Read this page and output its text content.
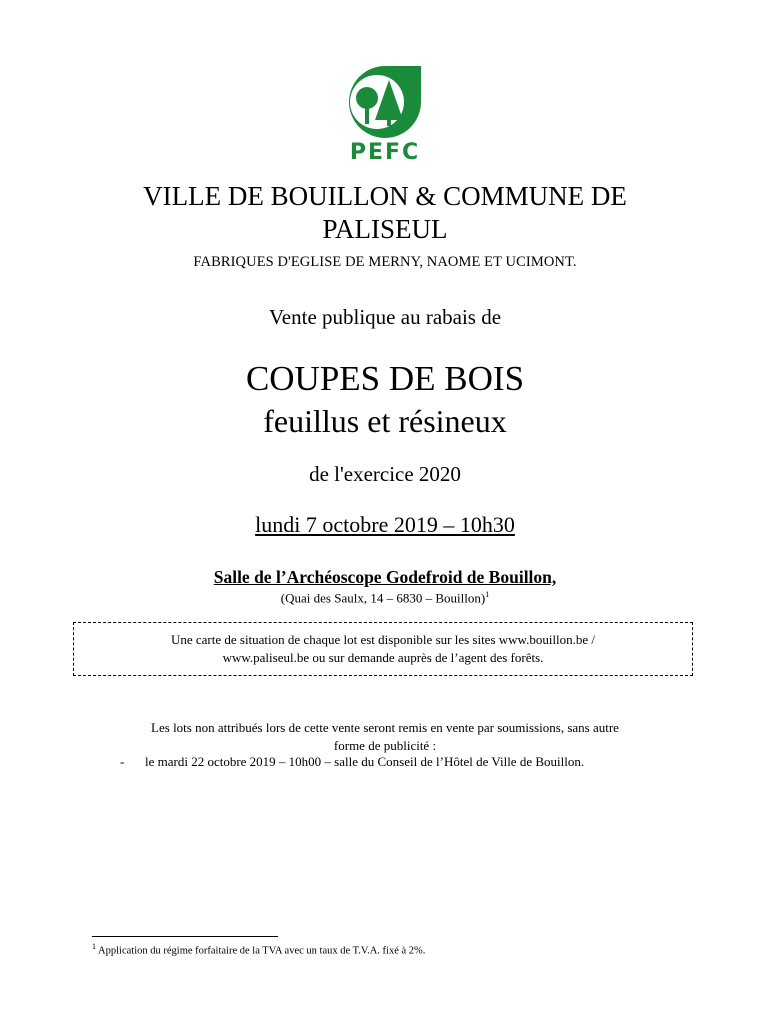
PEFC
VILLE DE BOUILLON & COMMUNE DE PALISEUL
FABRIQUES D'EGLISE DE MERNY, NAOME ET UCIMONT.
Vente publique au rabais de
COUPES DE BOIS
feuillus et résineux
de l'exercice 2020
lundi 7 octobre 2019 – 10h30
Salle de l’Archéoscope Godefroid de Bouillon,
(Quai des Saulx, 14 – 6830 – Bouillon)$^1$
Une carte de situation de chaque lot est disponible sur les sites www.bouillon.be /
www.paliseul.be ou sur demande auprès de l’agent des forêts.
Les lots non attribués lors de cette vente seront remis en vente par soumissions, sans autre
forme de publicité :
- le mardi 22 octobre 2019 – 10h00 – salle du Conseil de l’Hôtel de Ville de Bouillon.
$^1$ Application du régime forfaitaire de la TVA avec un taux de T.V.A. fixé à 2%.
